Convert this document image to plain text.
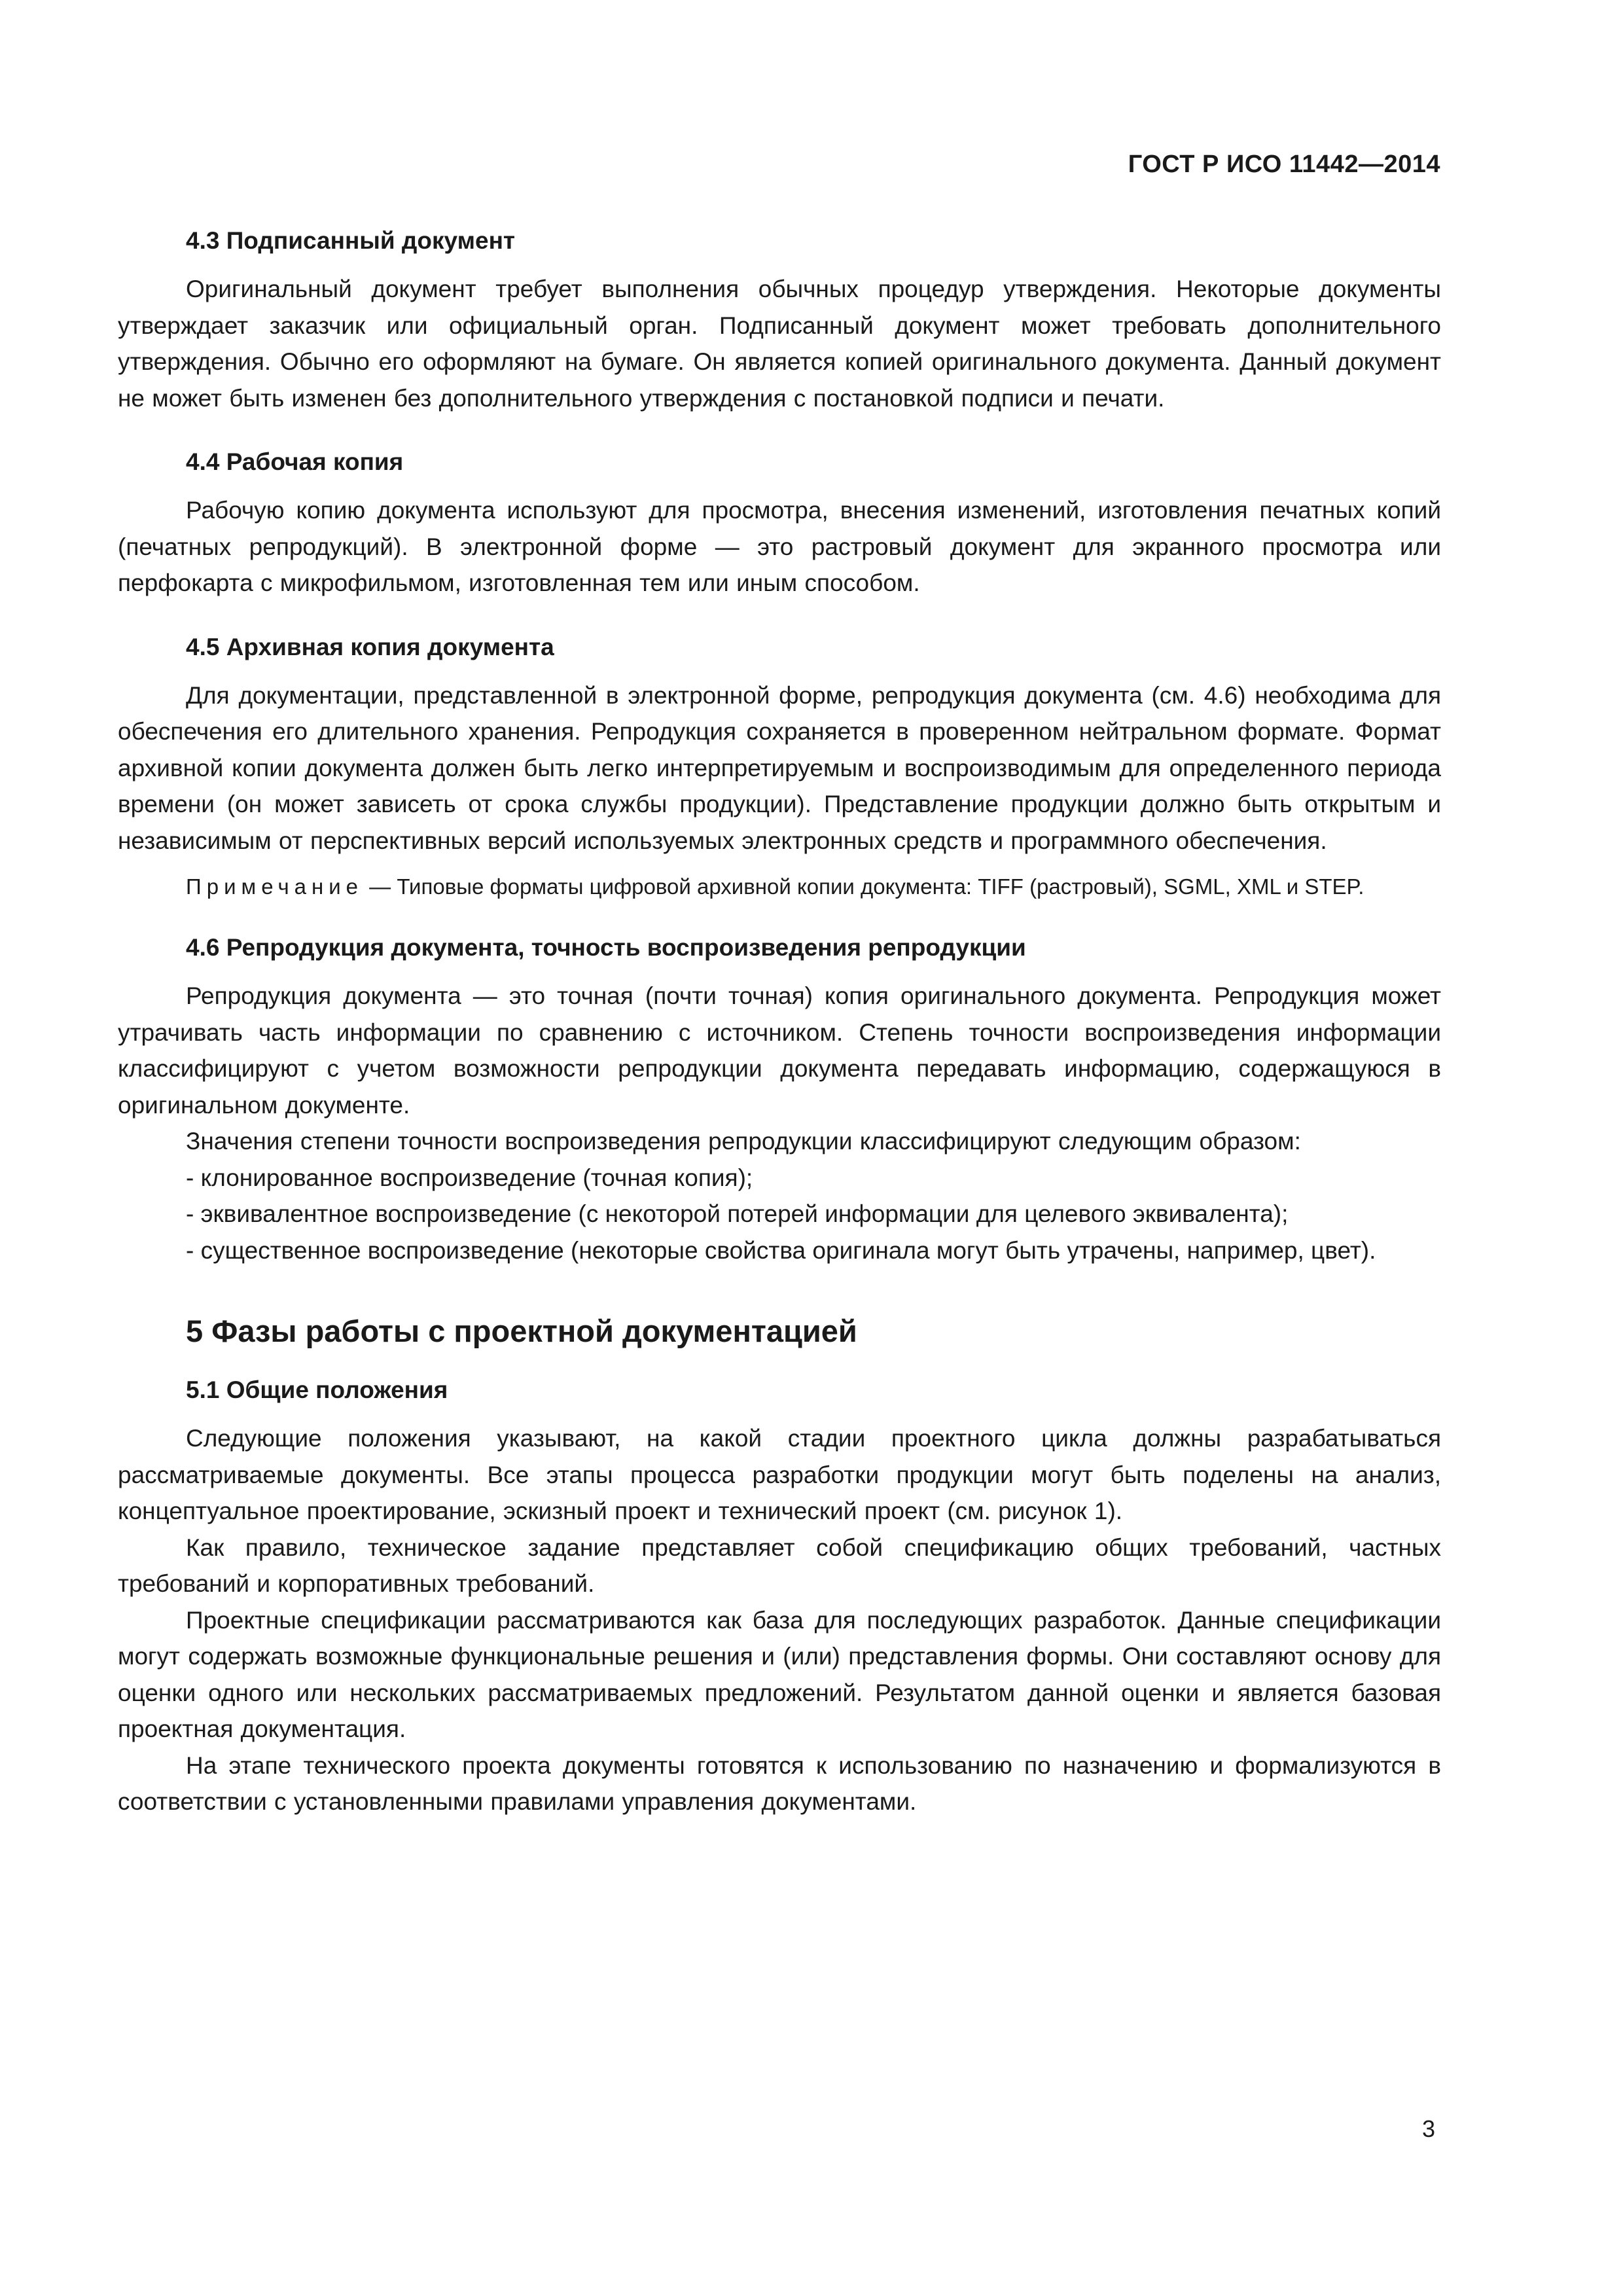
ГОСТ Р ИСО 11442—2014
4.3 Подписанный документ

Оригинальный документ требует выполнения обычных процедур утверждения. Некоторые документы утверждает заказчик или официальный орган. Подписанный документ может требовать дополнительного утверждения. Обычно его оформляют на бумаге. Он является копией оригинального документа. Данный документ не может быть изменен без дополнительного утверждения с постановкой подписи и печати.

4.4 Рабочая копия

Рабочую копию документа используют для просмотра, внесения изменений, изготовления печатных копий (печатных репродукций). В электронной форме — это растровый документ для экранного просмотра или перфокарта с микрофильмом, изготовленная тем или иным способом.

4.5 Архивная копия документа

Для документации, представленной в электронной форме, репродукция документа (см. 4.6) необходима для обеспечения его длительного хранения. Репродукция сохраняется в проверенном нейтральном формате. Формат архивной копии документа должен быть легко интерпретируемым и воспроизводимым для определенного периода времени (он может зависеть от срока службы продукции). Представление продукции должно быть открытым и независимым от перспективных версий используемых электронных средств и программного обеспечения.

Примечание — Типовые форматы цифровой архивной копии документа: TIFF (растровый), SGML, XML и STEP.

4.6 Репродукция документа, точность воспроизведения репродукции

Репродукция документа — это точная (почти точная) копия оригинального документа. Репродукция может утрачивать часть информации по сравнению с источником. Степень точности воспроизведения информации классифицируют с учетом возможности репродукции документа передавать информацию, содержащуюся в оригинальном документе.

Значения степени точности воспроизведения репродукции классифицируют следующим образом:

- клонированное воспроизведение (точная копия);

- эквивалентное воспроизведение (с некоторой потерей информации для целевого эквивалента);

- существенное воспроизведение (некоторые свойства оригинала могут быть утрачены, например, цвет).

5 Фазы работы с проектной документацией
5.1 Общие положения

Следующие положения указывают, на какой стадии проектного цикла должны разрабатываться рассматриваемые документы. Все этапы процесса разработки продукции могут быть поделены на анализ, концептуальное проектирование, эскизный проект и технический проект (см. рисунок 1).

Как правило, техническое задание представляет собой спецификацию общих требований, частных требований и корпоративных требований.

Проектные спецификации рассматриваются как база для последующих разработок. Данные спецификации могут содержать возможные функциональные решения и (или) представления формы. Они составляют основу для оценки одного или нескольких рассматриваемых предложений. Результатом данной оценки и является базовая проектная документация.

На этапе технического проекта документы готовятся к использованию по назначению и формализуются в соответствии с установленными правилами управления документами.

3
